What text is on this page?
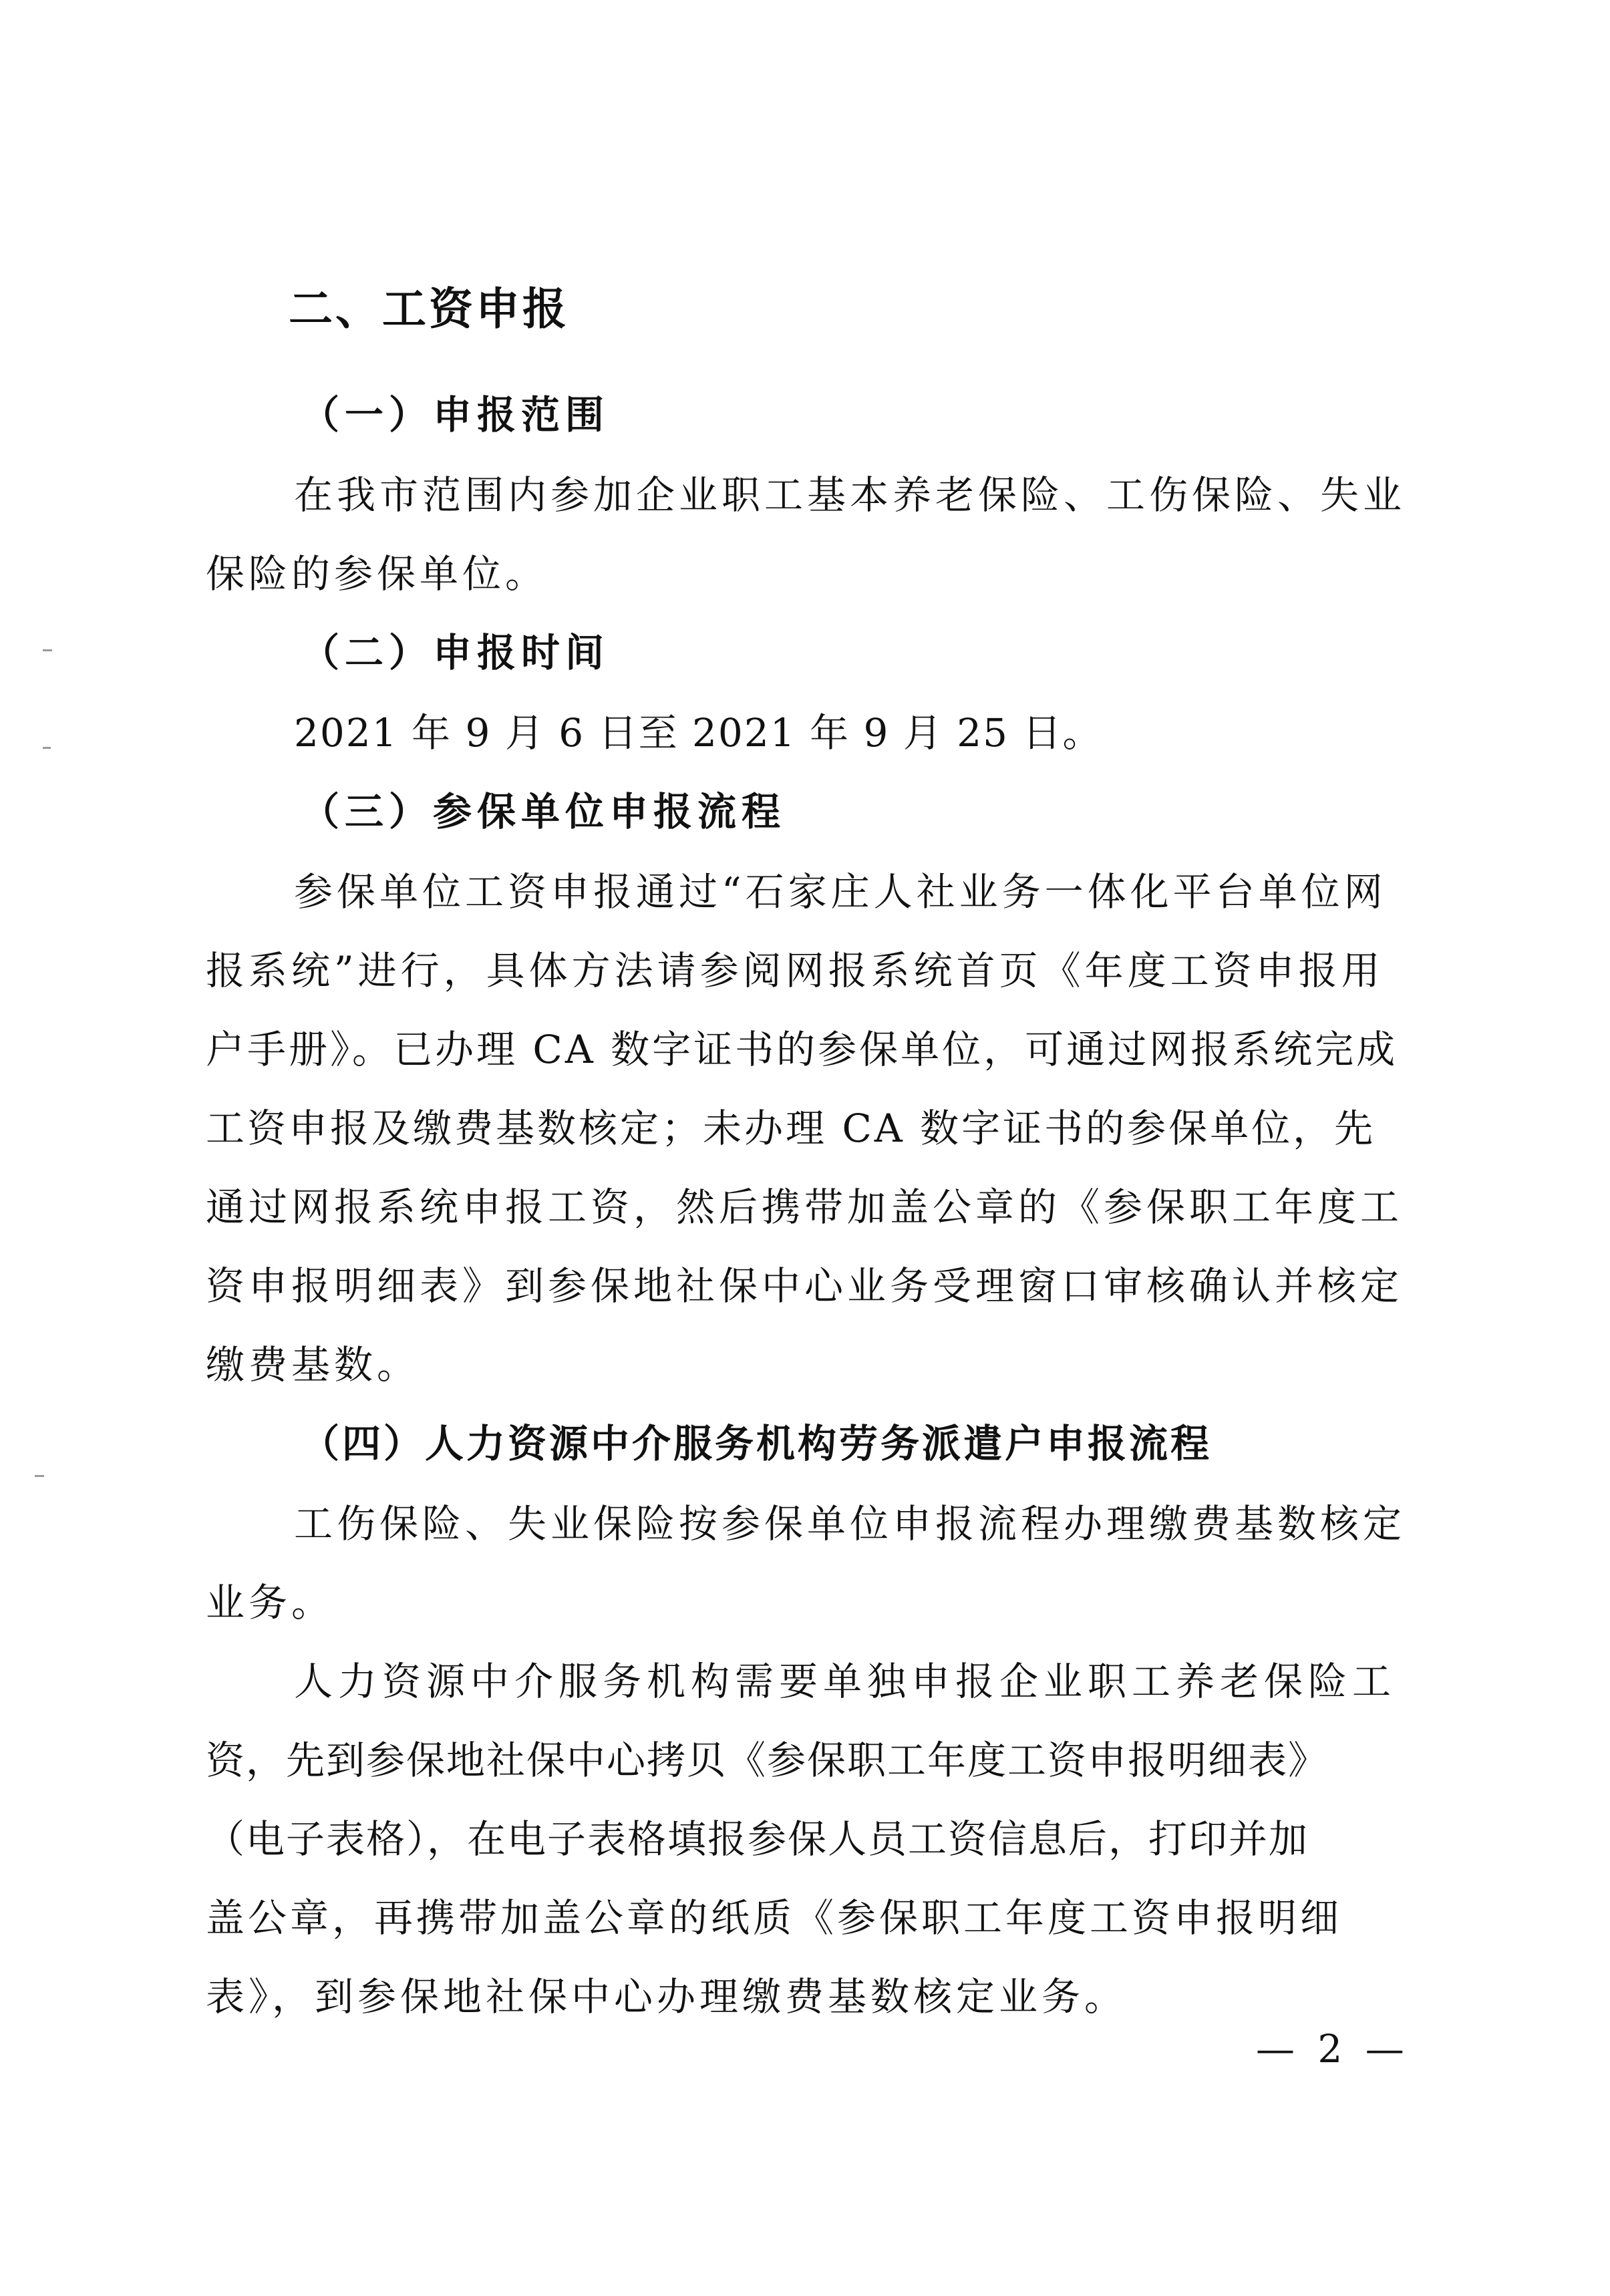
二、工资申报
（一）申报范围

在我市范围内参加企业职工基本养老保险、工伤保险、失业

保险的参保单位。

（二）申报时间

2021 年 9 月 6 日至 2021 年 9 月 25 日。

（三）参保单位申报流程

参保单位工资申报通过“石家庄人社业务一体化平台单位网

报系统”进行，具体方法请参阅网报系统首页《年度工资申报用

户手册》。已办理 CA 数字证书的参保单位，可通过网报系统完成

工资申报及缴费基数核定；未办理 CA 数字证书的参保单位，先

通过网报系统申报工资，然后携带加盖公章的《参保职工年度工

资申报明细表》到参保地社保中心业务受理窗口审核确认并核定

缴费基数。

（四）人力资源中介服务机构劳务派遣户申报流程

工伤保险、失业保险按参保单位申报流程办理缴费基数核定

业务。

人力资源中介服务机构需要单独申报企业职工养老保险工

资，先到参保地社保中心拷贝《参保职工年度工资申报明细表》

（电子表格），在电子表格填报参保人员工资信息后，打印并加

盖公章，再携带加盖公章的纸质《参保职工年度工资申报明细

表》，到参保地社保中心办理缴费基数核定业务。

— 2 —
